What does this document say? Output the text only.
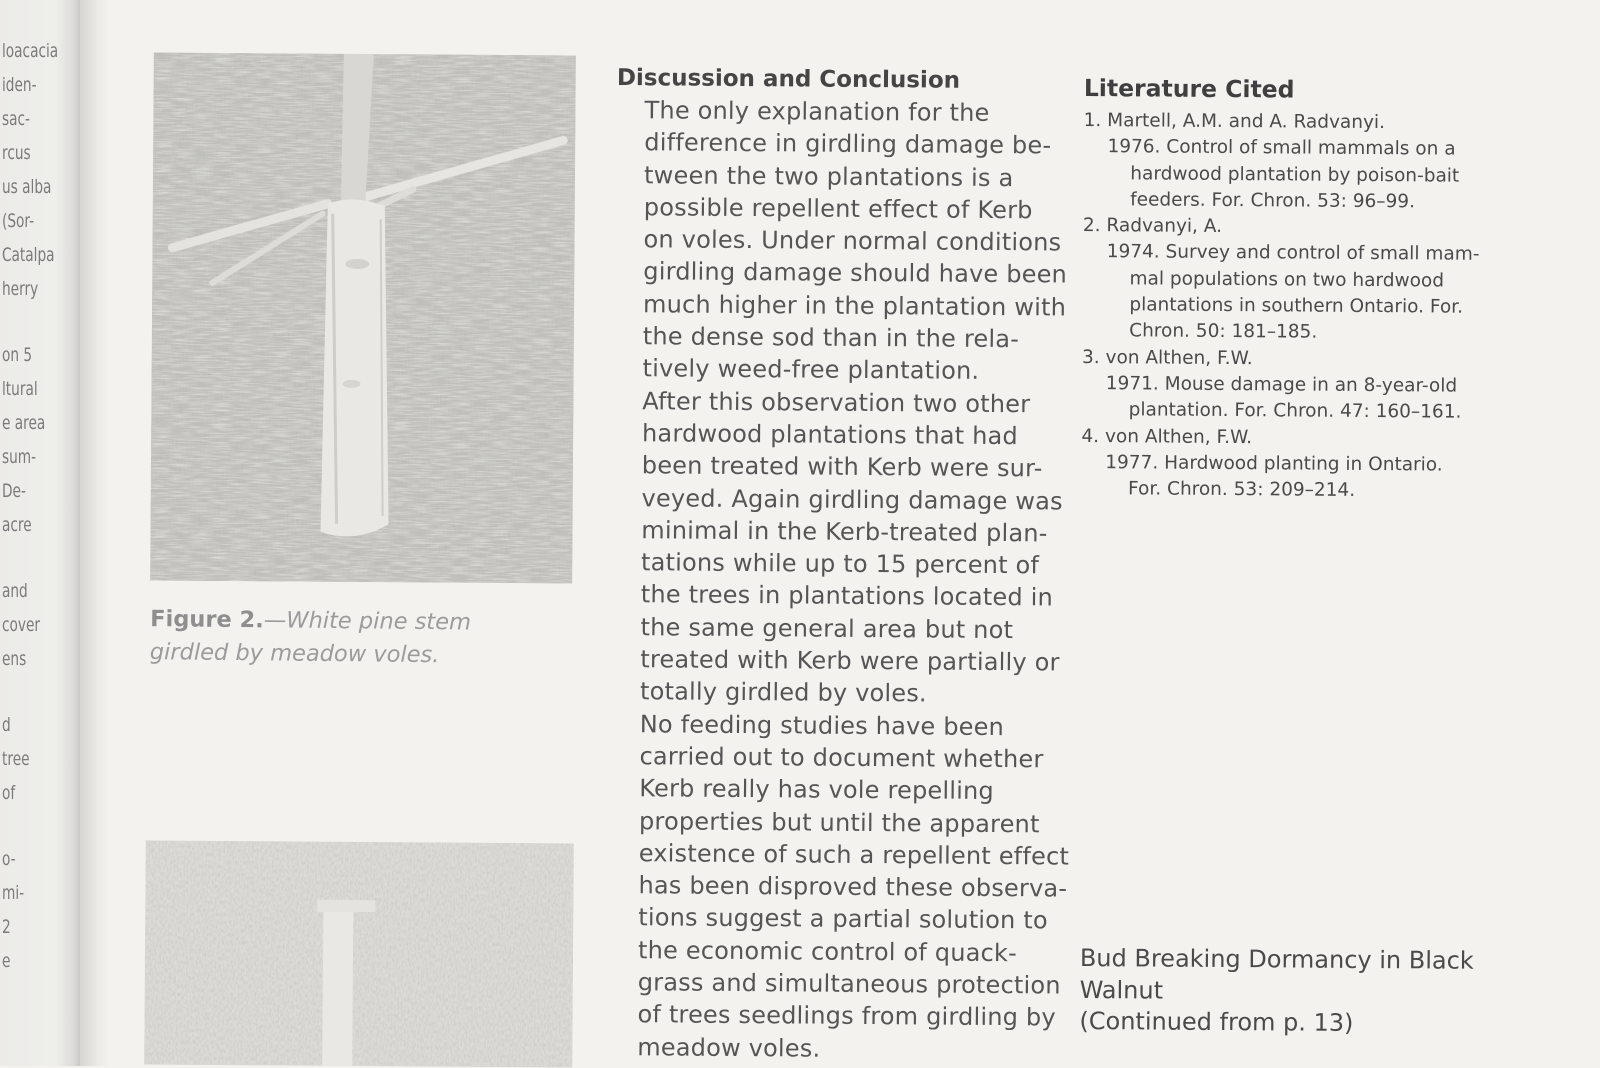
loacacia
iden-
sac-
rcus
us alba
(Sor-
Catalpa
herry
on 5
ltural
e area
sum-
De-
acre
and
cover
ens
d
tree
of
o-
mi-
2
e
Figure 2.—White pine stem girdled by meadow voles.
Discussion and Conclusion

The only explanation for the
difference in girdling damage be-
tween the two plantations is a
possible repellent effect of Kerb
on voles. Under normal conditions
girdling damage should have been
much higher in the plantation with
the dense sod than in the rela-
tively weed-free plantation.

After this observation two other
hardwood plantations that had
been treated with Kerb were sur-
veyed. Again girdling damage was
minimal in the Kerb-treated plan-
tations while up to 15 percent of
the trees in plantations located in
the same general area but not
treated with Kerb were partially or
totally girdled by voles.

No feeding studies have been
carried out to document whether
Kerb really has vole repelling
properties but until the apparent
existence of such a repellent effect
has been disproved these observa-
tions suggest a partial solution to
the economic control of quack-
grass and simultaneous protection
of trees seedlings from girdling by
meadow voles.

Literature Cited
1. Martell, A.M. and A. Radvanyi.
1976. Control of small mammals on a
hardwood plantation by poison-bait
feeders. For. Chron. 53: 96–99.
2. Radvanyi, A.
1974. Survey and control of small mam-
mal populations on two hardwood
plantations in southern Ontario. For.
Chron. 50: 181–185.
3. von Althen, F.W.
1971. Mouse damage in an 8-year-old
plantation. For. Chron. 47: 160–161.
4. von Althen, F.W.
1977. Hardwood planting in Ontario.
For. Chron. 53: 209–214.
Bud Breaking Dormancy in Black
Walnut
(Continued from p. 13)
